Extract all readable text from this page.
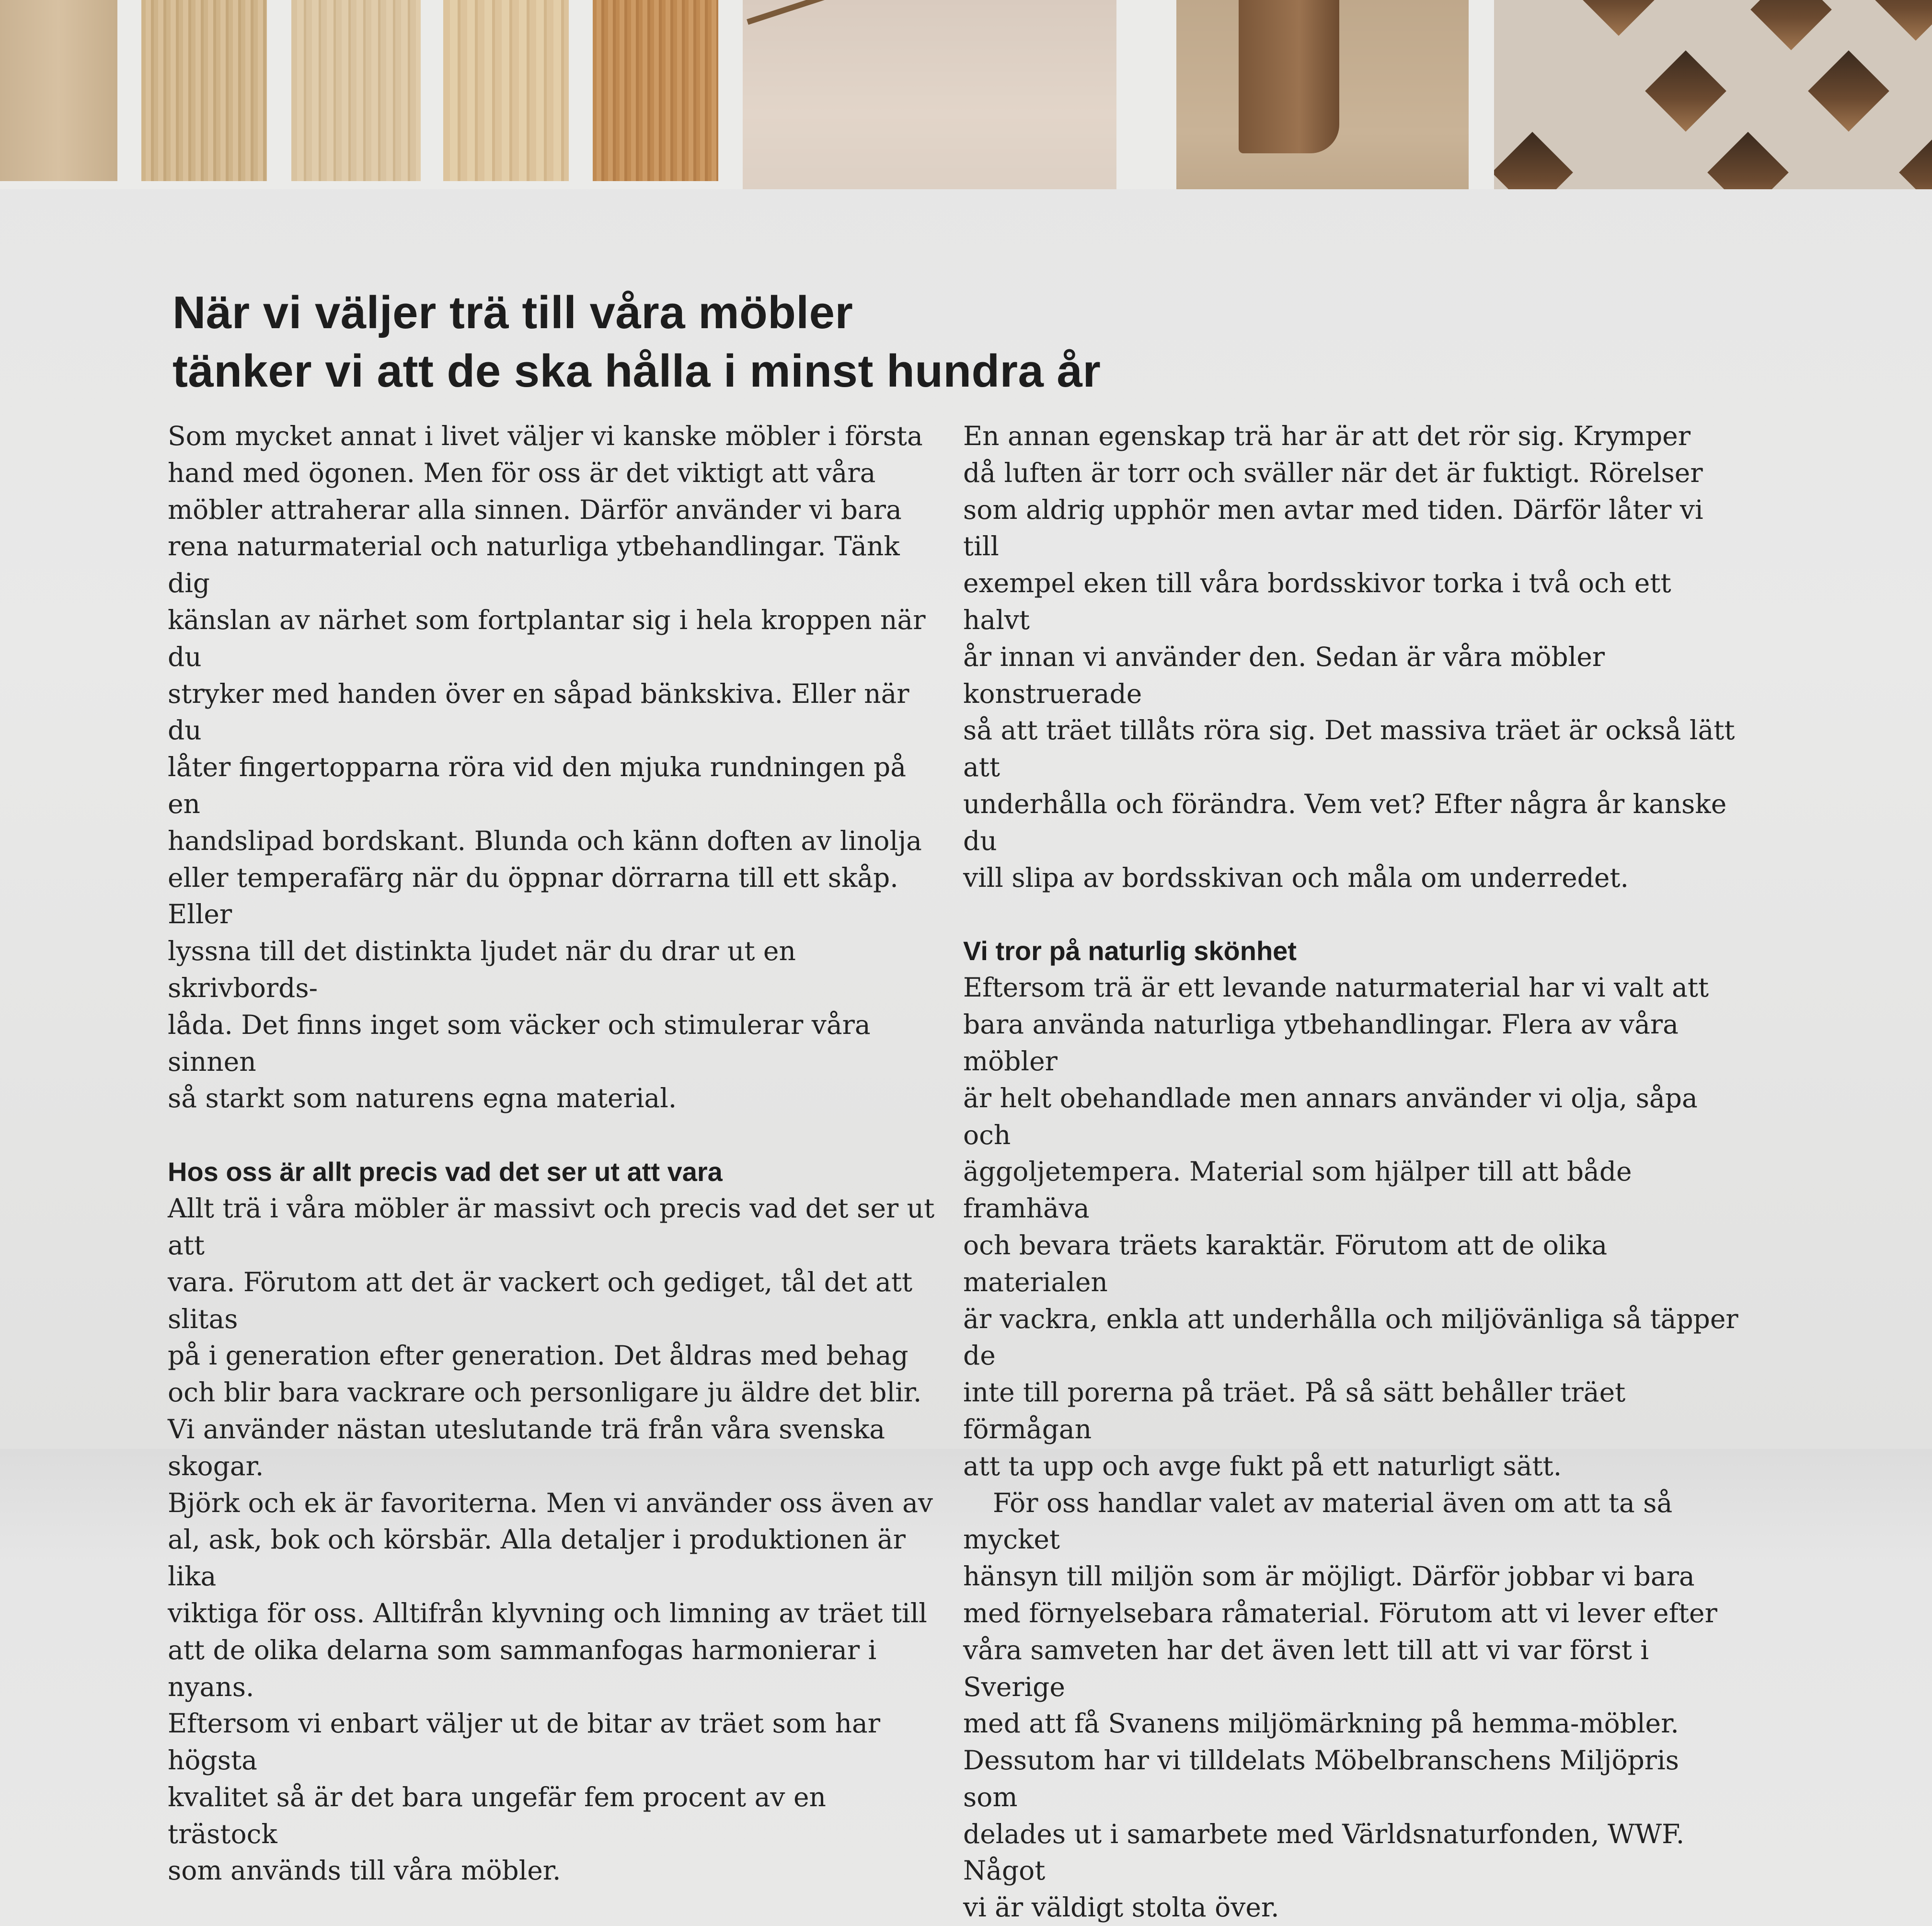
När vi väljer trä till våra möbler
tänker vi att de ska hålla i minst hundra år

Som mycket annat i livet väljer vi kanske möbler i första
hand med ögonen. Men för oss är det viktigt att våra
möbler attraherar alla sinnen. Därför använder vi bara
rena naturmaterial och naturliga ytbehandlingar. Tänk dig
känslan av närhet som fortplantar sig i hela kroppen när du
stryker med handen över en såpad bänkskiva. Eller när du
låter fingertopparna röra vid den mjuka rundningen på en
handslipad bordskant. Blunda och känn doften av linolja
eller temperafärg när du öppnar dörrarna till ett skåp. Eller
lyssna till det distinkta ljudet när du drar ut en skrivbords-
låda. Det finns inget som väcker och stimulerar våra sinnen
så starkt som naturens egna material.

Hos oss är allt precis vad det ser ut att vara

Allt trä i våra möbler är massivt och precis vad det ser ut att
vara. Förutom att det är vackert och gediget, tål det att slitas
på i generation efter generation. Det åldras med behag
och blir bara vackrare och personligare ju äldre det blir.
Vi använder nästan uteslutande trä från våra svenska skogar.
Björk och ek är favoriterna. Men vi använder oss även av
al, ask, bok och körsbär. Alla detaljer i produktionen är lika
viktiga för oss. Alltifrån klyvning och limning av träet till
att de olika delarna som sammanfogas harmonierar i nyans.
Eftersom vi enbart väljer ut de bitar av träet som har högsta
kvalitet så är det bara ungefär fem procent av en trästock
som används till våra möbler.

En annan egenskap trä har är att det rör sig. Krymper
då luften är torr och sväller när det är fuktigt. Rörelser
som aldrig upphör men avtar med tiden. Därför låter vi till
exempel eken till våra bordsskivor torka i två och ett halvt
år innan vi använder den. Sedan är våra möbler konstruerade
så att träet tillåts röra sig. Det massiva träet är också lätt att
underhålla och förändra. Vem vet? Efter några år kanske du
vill slipa av bordsskivan och måla om underredet.

Vi tror på naturlig skönhet

Eftersom trä är ett levande naturmaterial har vi valt att
bara använda naturliga ytbehandlingar. Flera av våra möbler
är helt obehandlade men annars använder vi olja, såpa och
äggoljetempera. Material som hjälper till att både framhäva
och bevara träets karaktär. Förutom att de olika materialen
är vackra, enkla att underhålla och miljövänliga så täpper de
inte till porerna på träet. På så sätt behåller träet förmågan
att ta upp och avge fukt på ett naturligt sätt.

För oss handlar valet av material även om att ta så mycket
hänsyn till miljön som är möjligt. Därför jobbar vi bara
med förnyelsebara råmaterial. Förutom att vi lever efter
våra samveten har det även lett till att vi var först i Sverige
med att få Svanens miljömärkning på hemma-möbler.
Dessutom har vi tilldelats Möbelbranschens Miljöpris som
delades ut i samarbete med Världsnaturfonden, WWF. Något
vi är väldigt stolta över.
